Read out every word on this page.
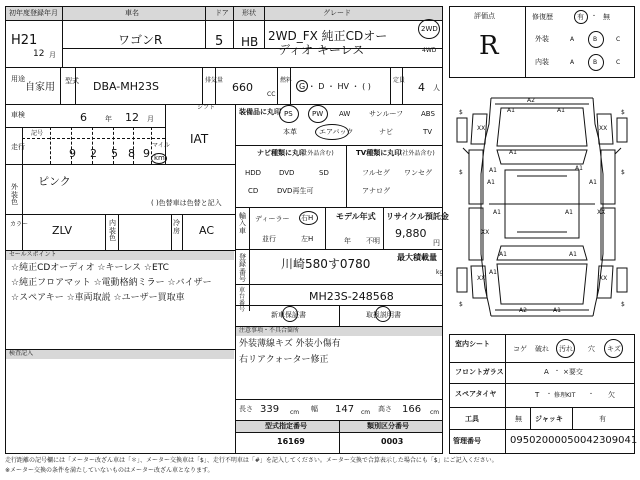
初年度登録年月	車名	ドア 形状	グレード
H21
12 月
ワゴンR	5 HB 2WD_FX 純正CDオー
ディオ キーレス
2WD
4WD
用途
自家用
型式 DBA-MH23S	排気量
660
CC
燃料
G ・ D ・ HV ・ ( )
定員
4 人
車検	6	年 12 月
シフト
IAT
走行
記号
9 2 5 8 9
マイル
km
外装色
ピンク
( )色替車は色替と記入
カラー ZLV
内装色
冷房 AC
セールスポイント
☆純正CDオーディオ ☆キーレス ☆ETC
☆純正フロアマット ☆電動格納ミラー ☆バイザー
☆スペアキー ☆車両取説 ☆ユーザー買取車
検査記入
装備品に丸印 PS	PW AW	サンルーフ	ABS
本革	エアバック	ナビ	TV
ナビ種類に丸印
(社外品含む)
HDD	DVD	SD
CD	DVD再生可
TV種類に丸印
(社外品含む)
フルセグ ワンセグ
アナログ
輸入車
ディーラー 右H
並行	左H
モデル年式
年 不明
リサイクル預託金
9,880
円
最大積載量
kg
登録番号
川崎580す0780
車台番号
MH23S-248568
新車保証書	取扱説明書
注意事項・不具合箇所
外装薄線キズ 外装小傷有
右リアクォーター修正
長さ 339 cm 幅 147 cm 高さ 166 cm
型式指定番号	類別区分番号
16169	0003
評価点
R
修復歴	有 ・ 無
外装	A	B	C
内装	A	B	C
$	$
$	$
$	$
A2
A1	A1
A1
XX	XX
A1	A1
XX
A1	A1	XX
A1	A1
A1	A1
A1
XX	XX
A2	A1
室内シート
コゲ 破れ 汚れ 穴 キズ
フロントガラス	A ・ ×要交
スペアタイヤ	T ・ 修理KIT ・ 欠
工具	無 ジャッキ	有
管理番号	09502000050042309041
走行距離の記号欄には「メーター改ざん車は「＊」、メーター交換車は「$」、走行不明車は「#」を記入してください。メーター交換で合算表示した場合にも「$」にご記入ください。
※メーター交換の条件を満たしていないものはメーター改ざん車となります。
